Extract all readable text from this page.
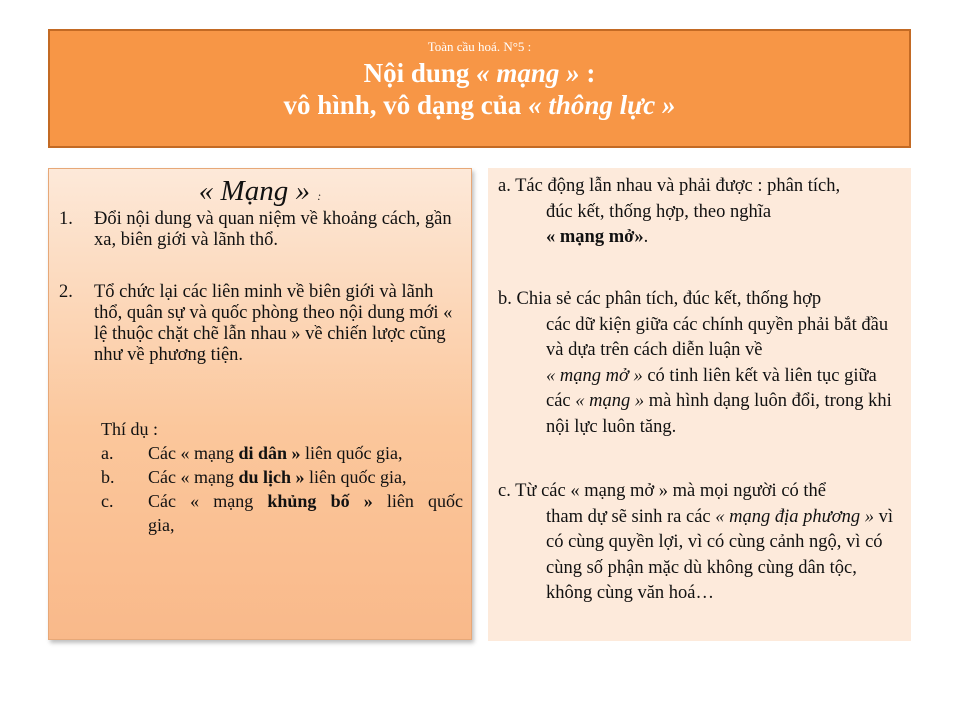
Toàn cầu hoá. N°5 :
Nội dung « mạng » :
vô hình, vô dạng của « thông lực »
« Mạng » :
1. Đổi nội dung và quan niệm về khoảng cách, gần xa, biên giới và lãnh thổ.
2. Tổ chức lại các liên minh về biên giới và lãnh thổ, quân sự và quốc phòng theo nội dung mới « lệ thuộc chặt chẽ lẫn nhau » về chiến lược cũng như về phương tiện.
Thí dụ :
a. Các « mạng di dân » liên quốc gia,
b. Các « mạng du lịch » liên quốc gia,
c. Các « mạng khủng bố » liên quốc gia,
a. Tác động lẫn nhau và phải được : phân tích,
đúc kết, thống hợp, theo nghĩa
« mạng mở».
b. Chia sẻ các phân tích, đúc kết, thống hợp
các dữ kiện giữa các chính quyền phải bắt đầu và dựa trên cách diễn luận về
« mạng mở » có tinh liên kết và liên tục giữa các « mạng » mà hình dạng luôn đổi, trong khi nội lực luôn tăng.
c. Từ các « mạng mở » mà mọi người có thể
tham dự sẽ sinh ra các « mạng địa phương » vì có cùng quyền lợi, vì có cùng cảnh ngộ, vì có cùng số phận mặc dù không cùng dân tộc, không cùng văn hoá…
